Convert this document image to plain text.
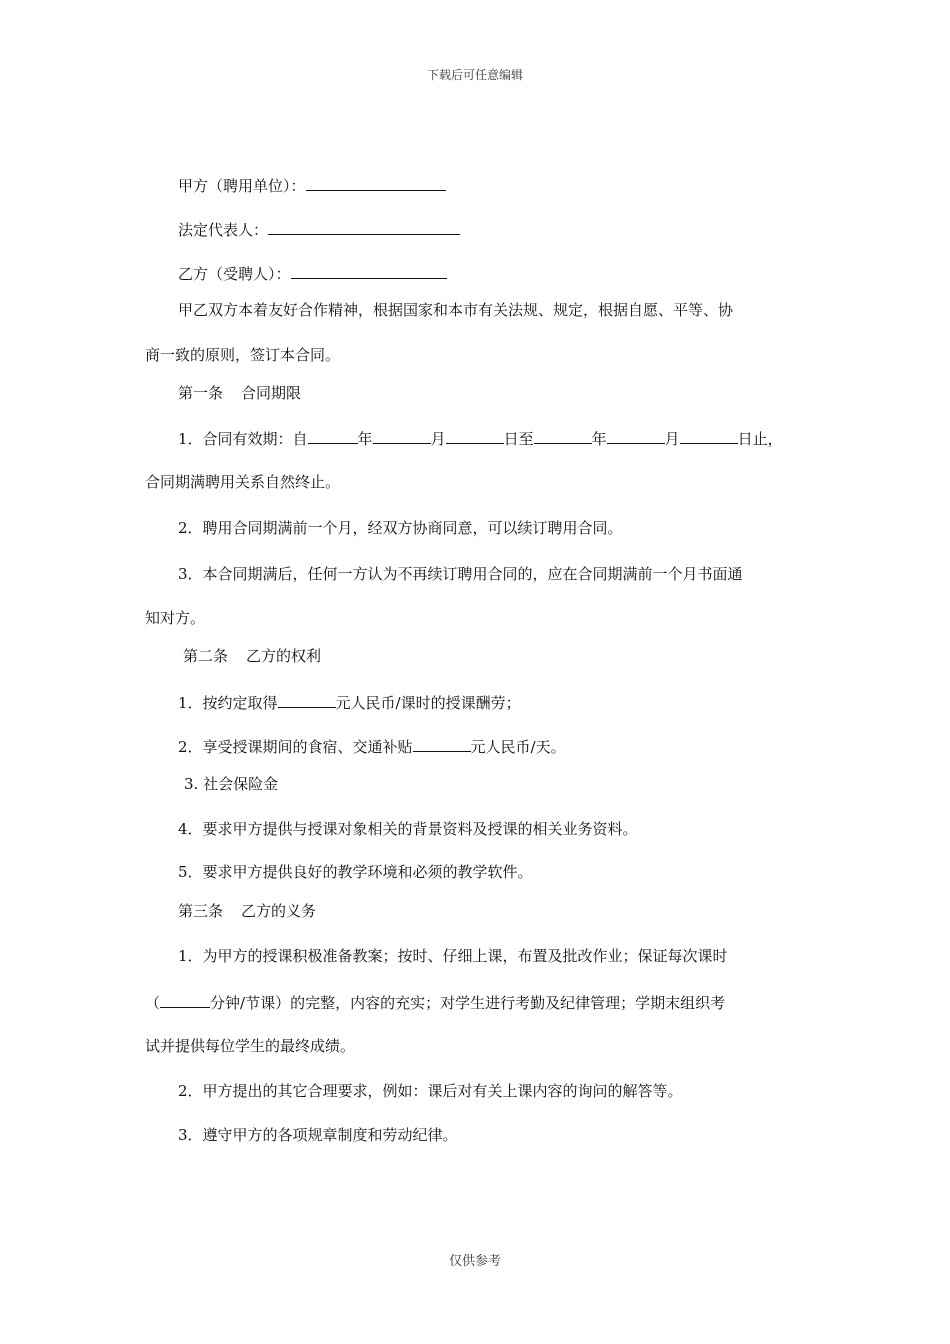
下载后可任意编辑
甲方（聘用单位）：
法定代表人：
乙方（受聘人）：
甲乙双方本着友好合作精神，根据国家和本市有关法规、规定，根据自愿、平等、协
商一致的原则，签订本合同。
第一条 合同期限
1．合同有效期：自	年	月	日至	年	月	日止，
合同期满聘用关系自然终止。
2．聘用合同期满前一个月，经双方协商同意，可以续订聘用合同。
3．本合同期满后，任何一方认为不再续订聘用合同的，应在合同期满前一个月书面通
知对方。
第二条 乙方的权利
1．按约定取得	元人民币/课时的授课酬劳；
2．享受授课期间的食宿、交通补贴	元人民币/天。
3. 社会保险金
4．要求甲方提供与授课对象相关的背景资料及授课的相关业务资料。
5．要求甲方提供良好的教学环境和必须的教学软件。
第三条 乙方的义务
1．为甲方的授课积极准备教案；按时、仔细上课，布置及批改作业；保证每次课时
（	分钟/节课）的完整，内容的充实；对学生进行考勤及纪律管理；学期末组织考
试并提供每位学生的最终成绩。
2．甲方提出的其它合理要求，例如：课后对有关上课内容的询问的解答等。
3．遵守甲方的各项规章制度和劳动纪律。
仅供参考
